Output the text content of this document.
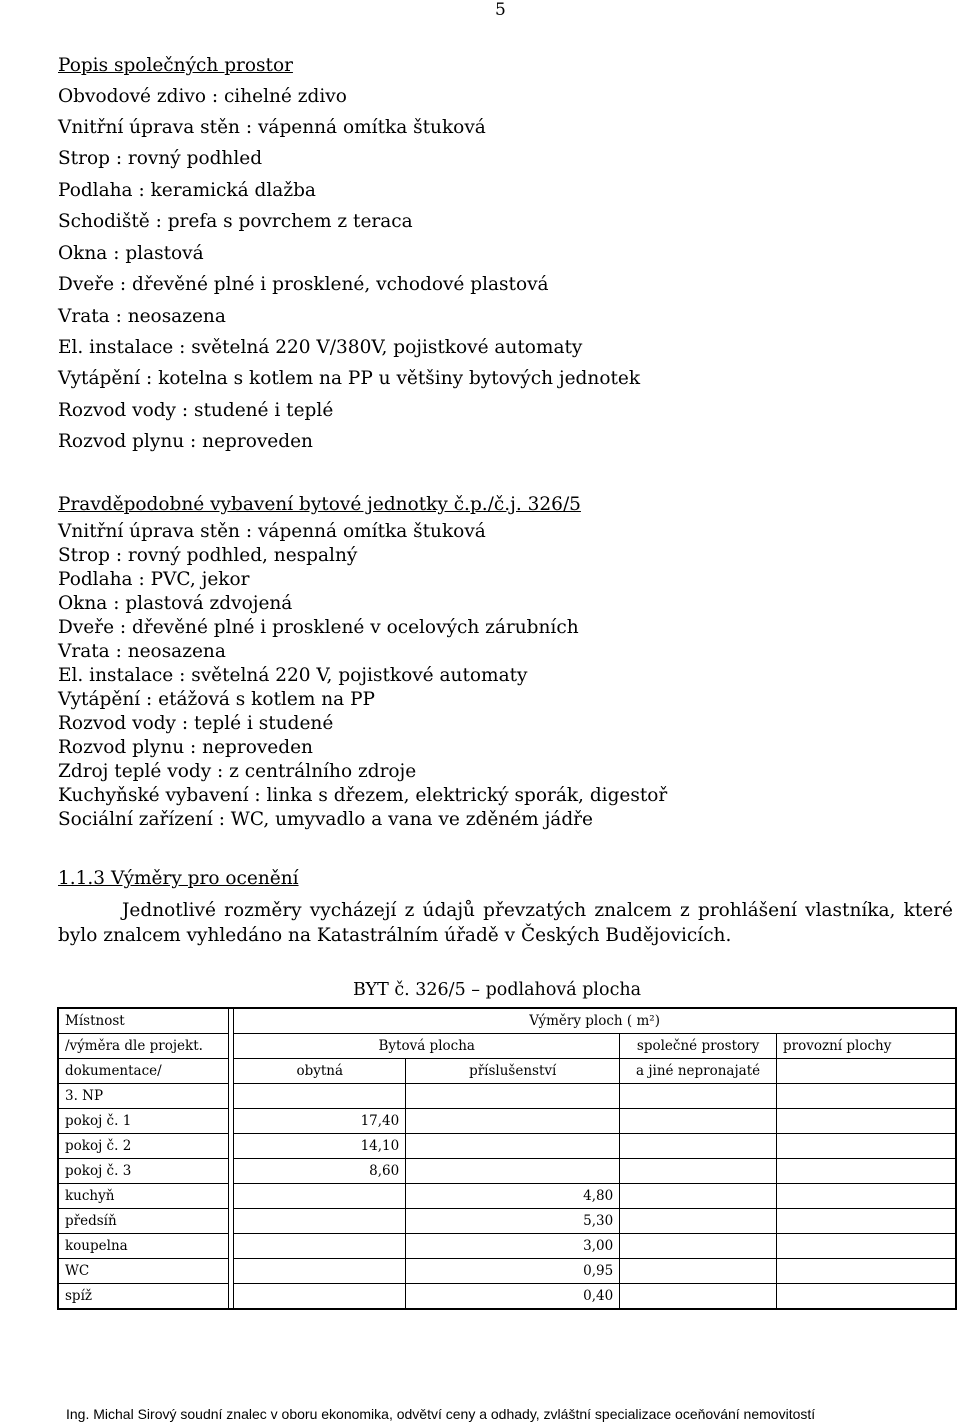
5
Popis společných prostor
Obvodové zdivo : cihelné zdivo
Vnitřní úprava stěn : vápenná omítka štuková
Strop : rovný podhled
Podlaha : keramická dlažba
Schodiště : prefa s povrchem z teraca
Okna : plastová
Dveře : dřevěné plné i prosklené, vchodové plastová
Vrata : neosazena
El. instalace : světelná 220 V/380V, pojistkové automaty
Vytápění : kotelna s kotlem na PP u většiny bytových jednotek
Rozvod vody : studené i teplé
Rozvod plynu : neproveden
Pravděpodobné vybavení bytové jednotky č.p./č.j. 326/5
Vnitřní úprava stěn : vápenná omítka štuková
Strop : rovný podhled, nespalný
Podlaha : PVC, jekor
Okna : plastová zdvojená
Dveře : dřevěné plné i prosklené v ocelových zárubních
Vrata : neosazena
El. instalace : světelná 220 V, pojistkové automaty
Vytápění : etážová s kotlem na PP
Rozvod vody : teplé i studené
Rozvod plynu : neproveden
Zdroj teplé vody : z centrálního zdroje
Kuchyňské vybavení : linka s dřezem, elektrický sporák, digestoř
Sociální zařízení : WC, umyvadlo a vana ve zděném jádře
1.1.3 Výměry pro ocenění
Jednotlivé rozměry vycházejí z údajů převzatých znalcem z prohlášení vlastníka, které bylo znalcem vyhledáno na Katastrálním úřadě v Českých Budějovicích.
BYT č. 326/5 – podlahová plocha
Místnost		Výměry ploch ( m²)			
/výměra dle projekt.		Bytová plocha		společné prostory	provozní plochy
dokumentace/		obytná	příslušenství	a jiné nepronajaté	
3. NP					
pokoj č. 1		17,40			
pokoj č. 2		14,10			
pokoj č. 3		8,60			
kuchyň			4,80		
předsíň			5,30		
koupelna			3,00		
WC			0,95		
spíž			0,40		
Ing. Michal Sirový soudní znalec v oboru ekonomika, odvětví ceny a odhady, zvláštní specializace oceňování nemovitostí
